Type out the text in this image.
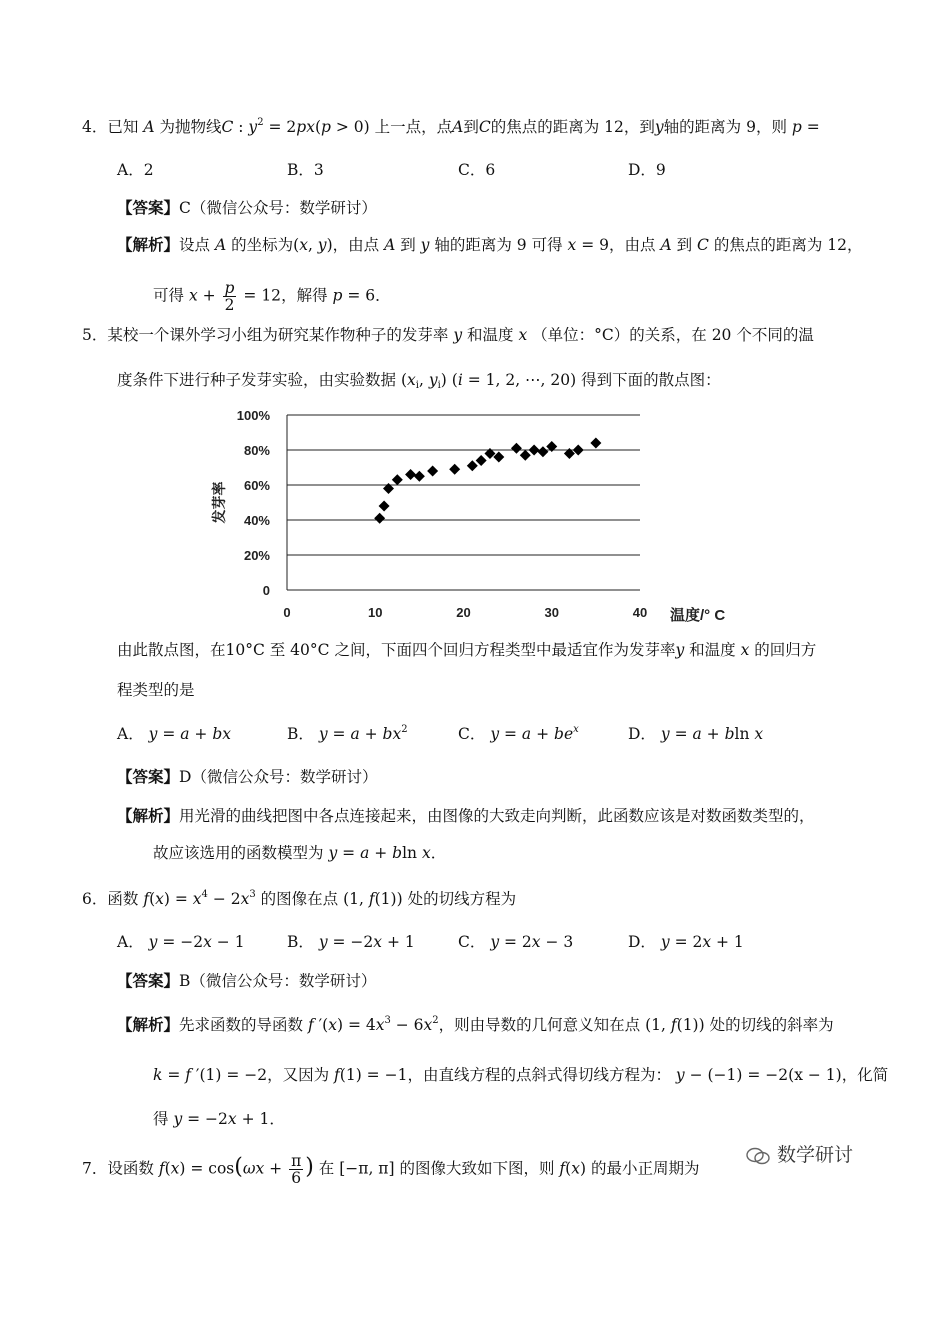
4．已知 A 为抛物线C : $y^2 = 2px(p > 0)$ 上一点，点A到C的焦点的距离为 12，到y轴的距离为 9，则 p =
A．2	B．3	C．6	D．9
【答案】C（微信公众号：数学研讨）
【解析】设点 A 的坐标为(x, y)，由点 A 到 y 轴的距离为 9 可得 x = 9，由点 A 到 C 的焦点的距离为 12，
可得 $x + \frac{p}{2} = 12$，解得 p = 6．
5．某校一个课外学习小组为研究某作物种子的发芽率 y 和温度 x （单位：°C）的关系，在 20 个不同的温
度条件下进行种子发芽实验，由实验数据 ($x_i$, $y_i$) (i = 1, 2, ⋯, 20) 得到下面的散点图：
0
20%
40%
60%
80%
100%
0	10	20	30	40
发芽率
温度/° C
由此散点图，在10°C 至 40°C 之间，下面四个回归方程类型中最适宜作为发芽率y 和温度 x 的回归方
程类型的是
A． y = a + bx	B． $y = a + bx^2$	C． $y = a + be^x$	D． y = a + bln x
【答案】D（微信公众号：数学研讨）
【解析】用光滑的曲线把图中各点连接起来，由图像的大致走向判断，此函数应该是对数函数类型的，
故应该选用的函数模型为 y = a + bln x．
6．函数 $f(x) = x^4 - 2x^3$ 的图像在点 (1, f(1)) 处的切线方程为
A． y = −2x − 1	B． y = −2x + 1	C． y = 2x − 3	D． y = 2x + 1
【答案】B（微信公众号：数学研讨）
【解析】先求函数的导函数 f $'(x) = 4x^3 - 6x^2$，则由导数的几何意义知在点 (1, f(1)) 处的切线的斜率为
k = f ′(1) = −2，又因为 f(1) = −1，由直线方程的点斜式得切线方程为： y − (−1) = −2(x − 1)，化简
得 y = −2x + 1．
7．设函数 $f(x) = \cos(\omega x + \frac{\pi}{6}$ ) 在 [−π, π] 的图像大致如下图，则 f(x) 的最小正周期为
数学研讨
